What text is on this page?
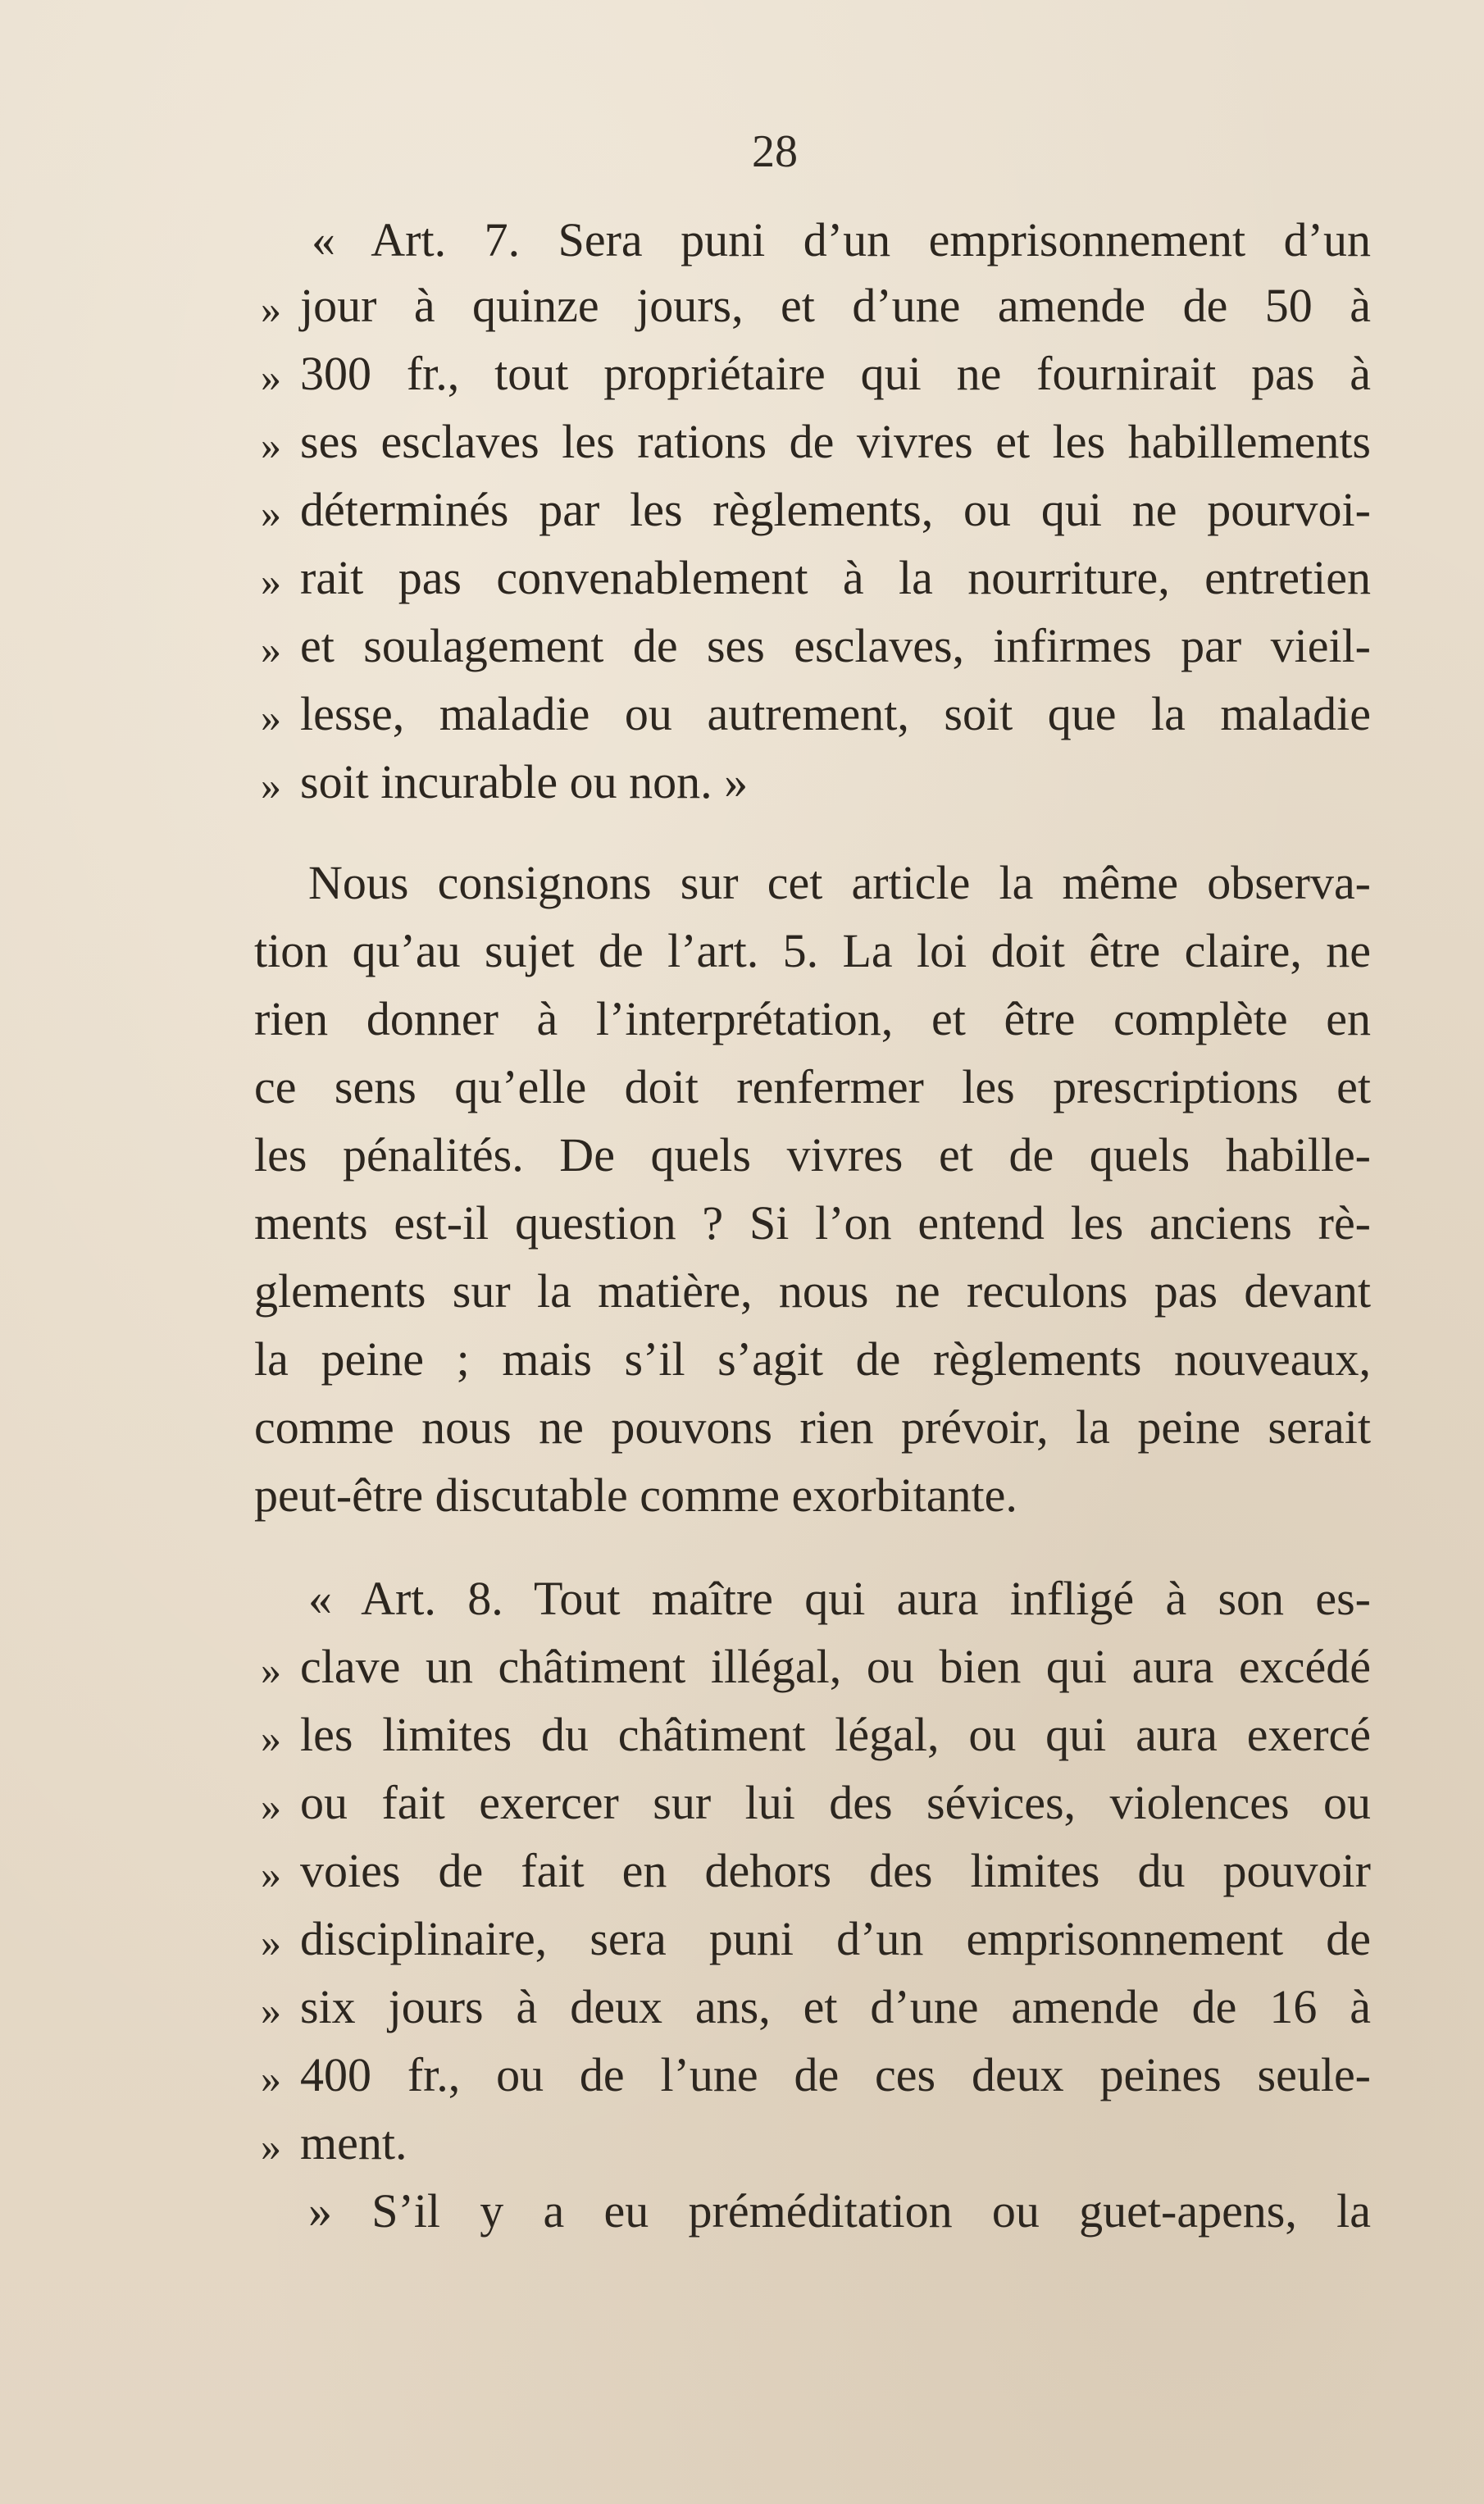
28
« Art. 7. Sera puni d’un emprisonnement d’un
» jour à quinze jours, et d’une amende de 50 à
» 300 fr., tout propriétaire qui ne fournirait pas à
» ses esclaves les rations de vivres et les habillements
» déterminés par les règlements, ou qui ne pourvoi-
» rait pas convenablement à la nourriture, entretien
» et soulagement de ses esclaves, infirmes par vieil-
» lesse, maladie ou autrement, soit que la maladie
» soit incurable ou non. »
Nous consignons sur cet article la même observa-
tion qu’au sujet de l’art. 5. La loi doit être claire, ne
rien donner à l’interprétation, et être complète en
ce sens qu’elle doit renfermer les prescriptions et
les pénalités. De quels vivres et de quels habille-
ments est-il question ? Si l’on entend les anciens rè-
glements sur la matière, nous ne reculons pas devant
la peine ; mais s’il s’agit de règlements nouveaux,
comme nous ne pouvons rien prévoir, la peine serait
peut-être discutable comme exorbitante.
« Art. 8. Tout maître qui aura infligé à son es-
» clave un châtiment illégal, ou bien qui aura excédé
» les limites du châtiment légal, ou qui aura exercé
» ou fait exercer sur lui des sévices, violences ou
» voies de fait en dehors des limites du pouvoir
» disciplinaire, sera puni d’un emprisonnement de
» six jours à deux ans, et d’une amende de 16 à
» 400 fr., ou de l’une de ces deux peines seule-
» ment.
» S’il y a eu préméditation ou guet-apens, la
